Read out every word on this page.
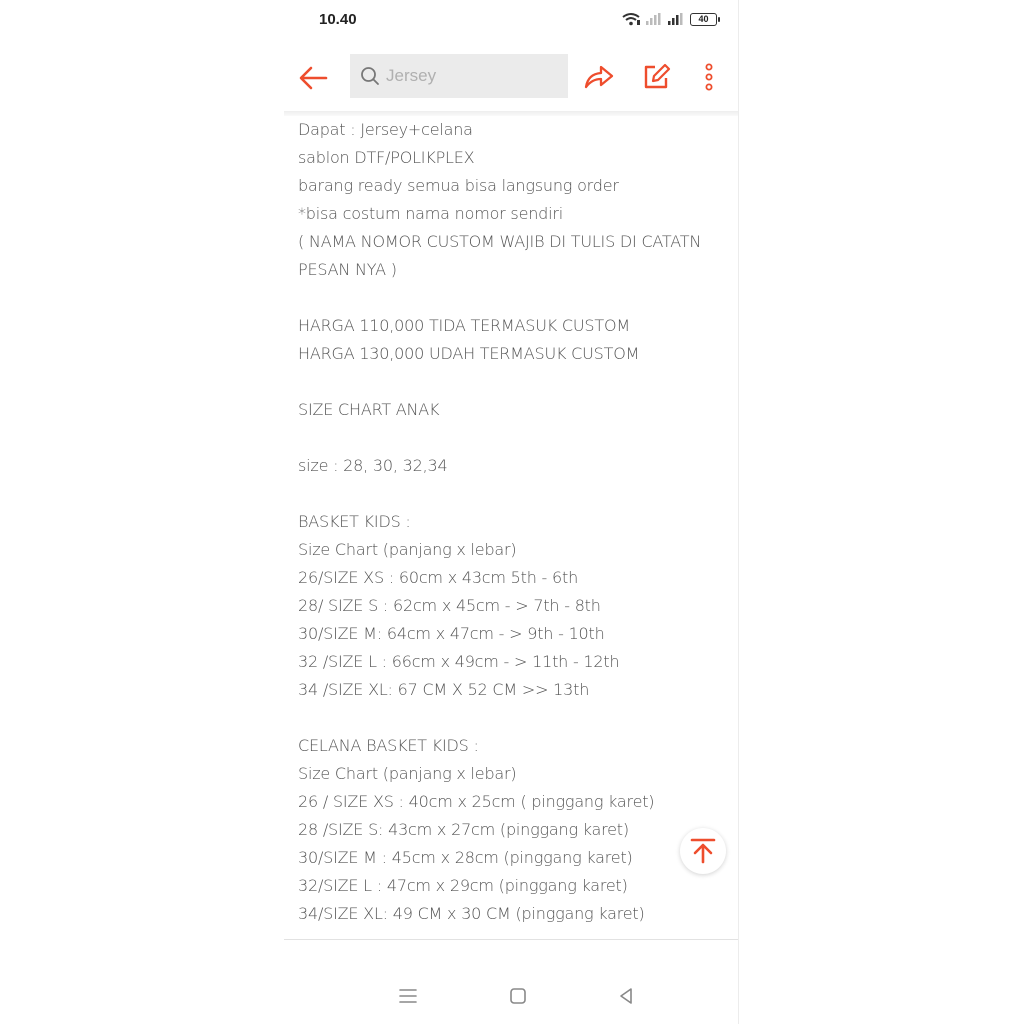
10.40	40
Jersey
Dapat : Jersey+celana
sablon DTF/POLIKPLEX
barang ready semua bisa langsung order
*bisa costum nama nomor sendiri
( NAMA NOMOR CUSTOM WAJIB DI TULIS DI CATATN
PESAN NYA )
HARGA 110,000 TIDA TERMASUK CUSTOM
HARGA 130,000 UDAH TERMASUK CUSTOM
SIZE CHART ANAK
size : 28, 30, 32,34
BASKET KIDS :
Size Chart (panjang x lebar)
26/SIZE XS : 60cm x 43cm 5th - 6th
28/ SIZE S : 62cm x 45cm - > 7th - 8th
30/SIZE M: 64cm x 47cm - > 9th - 10th
32 /SIZE L : 66cm x 49cm - > 11th - 12th
34 /SIZE XL: 67 CM X 52 CM >> 13th
CELANA BASKET KIDS :
Size Chart (panjang x lebar)
26 / SIZE XS : 40cm x 25cm ( pinggang karet)
28 /SIZE S: 43cm x 27cm (pinggang karet)
30/SIZE M : 45cm x 28cm (pinggang karet)
32/SIZE L : 47cm x 29cm (pinggang karet)
34/SIZE XL: 49 CM x 30 CM (pinggang karet)
